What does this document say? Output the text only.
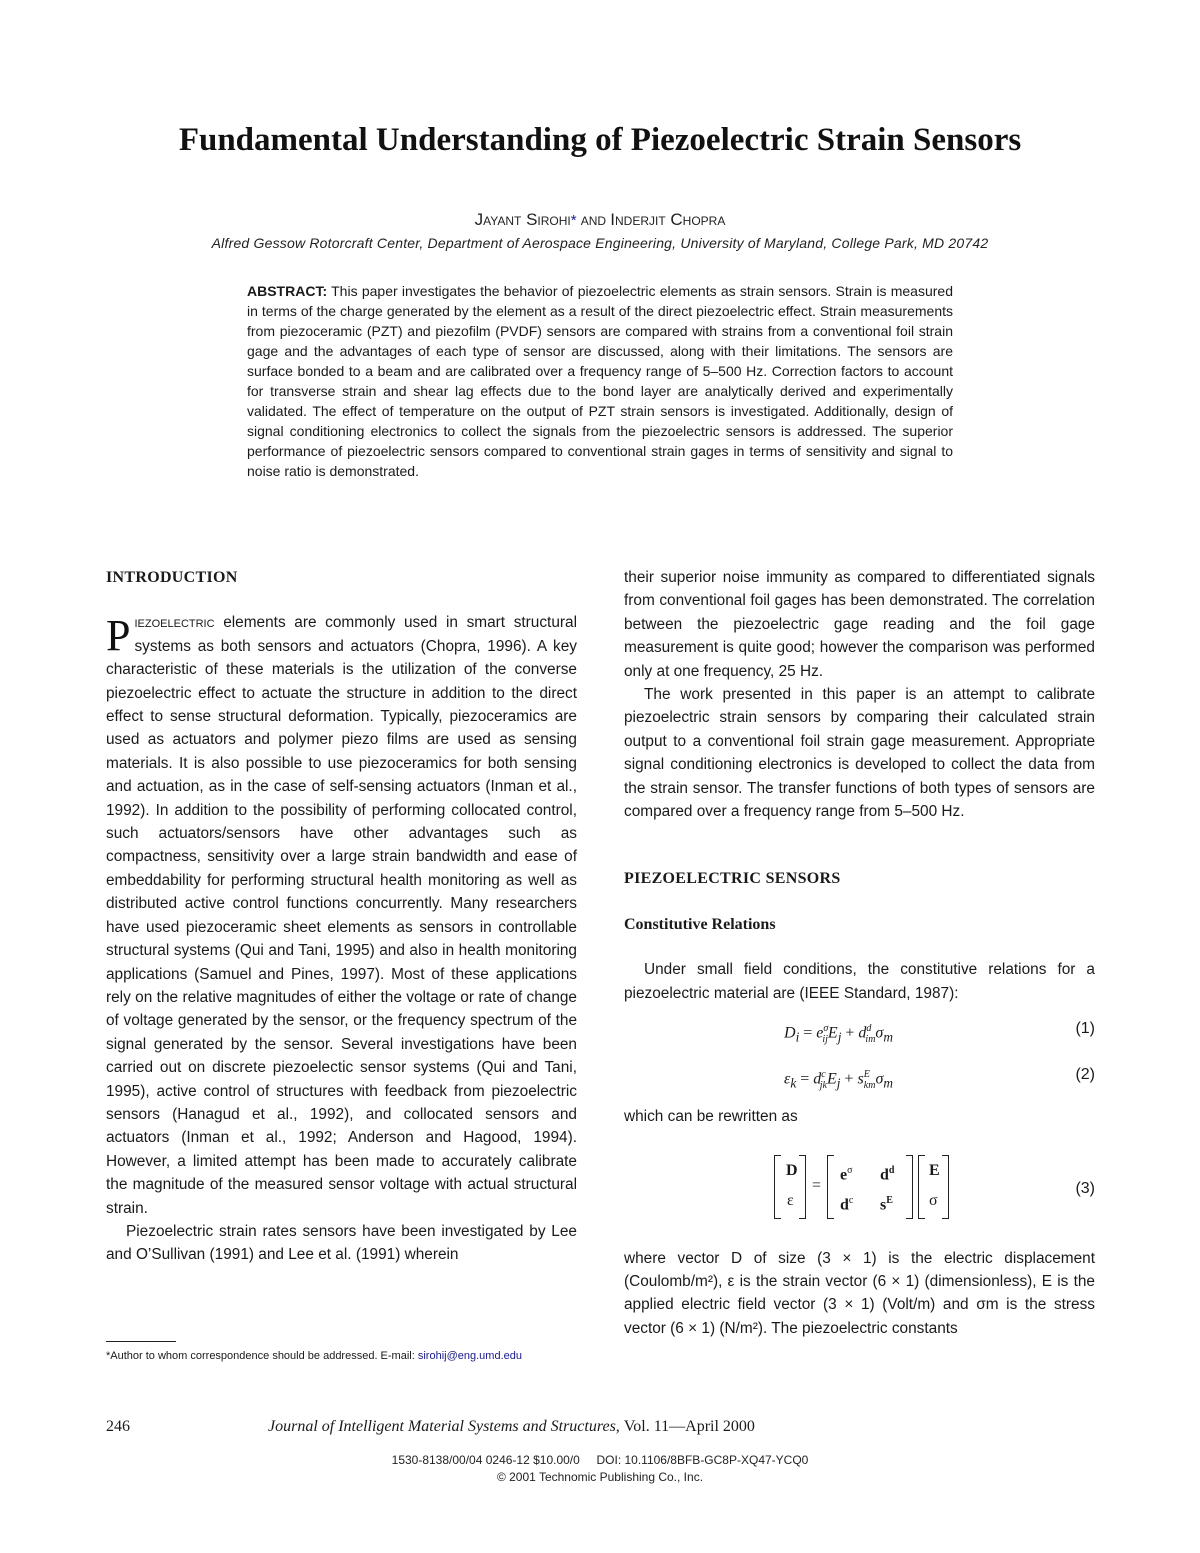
Fundamental Understanding of Piezoelectric Strain Sensors
Jayant Sirohi* and Inderjit Chopra
Alfred Gessow Rotorcraft Center, Department of Aerospace Engineering, University of Maryland, College Park, MD 20742
ABSTRACT: This paper investigates the behavior of piezoelectric elements as strain sensors. Strain is measured in terms of the charge generated by the element as a result of the direct piezoelectric effect. Strain measurements from piezoceramic (PZT) and piezofilm (PVDF) sensors are compared with strains from a conventional foil strain gage and the advantages of each type of sensor are discussed, along with their limitations. The sensors are surface bonded to a beam and are calibrated over a frequency range of 5–500 Hz. Correction factors to account for transverse strain and shear lag effects due to the bond layer are analytically derived and experimentally validated. The effect of temperature on the output of PZT strain sensors is investigated. Additionally, design of signal conditioning electronics to collect the signals from the piezoelectric sensors is addressed. The superior performance of piezoelectric sensors compared to conventional strain gages in terms of sensitivity and signal to noise ratio is demonstrated.
INTRODUCTION

Piezoelectric elements are commonly used in smart structural systems as both sensors and actuators (Chopra, 1996). A key characteristic of these materials is the utilization of the converse piezoelectric effect to actuate the structure in addition to the direct effect to sense structural deformation. Typically, piezoceramics are used as actuators and polymer piezo films are used as sensing materials. It is also possible to use piezoceramics for both sensing and actuation, as in the case of self-sensing actuators (Inman et al., 1992). In addition to the possibility of performing collocated control, such actuators/sensors have other advantages such as compactness, sensitivity over a large strain bandwidth and ease of embeddability for performing structural health monitoring as well as distributed active control functions concurrently. Many researchers have used piezoceramic sheet elements as sensors in controllable structural systems (Qui and Tani, 1995) and also in health monitoring applications (Samuel and Pines, 1997). Most of these applications rely on the relative magnitudes of either the voltage or rate of change of voltage generated by the sensor, or the frequency spectrum of the signal generated by the sensor. Several investigations have been carried out on discrete piezoelectic sensor systems (Qui and Tani, 1995), active control of structures with feedback from piezoelectric sensors (Hanagud et al., 1992), and collocated sensors and actuators (Inman et al., 1992; Anderson and Hagood, 1994). However, a limited attempt has been made to accurately calibrate the magnitude of the measured sensor voltage with actual structural strain.

Piezoelectric strain rates sensors have been investigated by Lee and O’Sullivan (1991) and Lee et al. (1991) wherein

their superior noise immunity as compared to differentiated signals from conventional foil gages has been demonstrated. The correlation between the piezoelectric gage reading and the foil gage measurement is quite good; however the comparison was performed only at one frequency, 25 Hz.

The work presented in this paper is an attempt to calibrate piezoelectric strain sensors by comparing their calculated strain output to a conventional foil strain gage measurement. Appropriate signal conditioning electronics is developed to collect the data from the strain sensor. The transfer functions of both types of sensors are compared over a frequency range from 5–500 Hz.

PIEZOELECTRIC SENSORS
Constitutive Relations

Under small field conditions, the constitutive relations for a piezoelectric material are (IEEE Standard, 1987):

$D_i = e^\sigma_{ij}E_j + d^d_{im}\sigma_m$
(1)
$\varepsilon_k = d^c_{jk}E_j + s^E_{km}\sigma_m$
(2)

which can be rewritten as

D
ε
=
$e^\sigma$ $d^d$
$d^c$ $s^E$
E
σ
(3)

where vector D of size (3 × 1) is the electric displacement (Coulomb/m²), ε is the strain vector (6 × 1) (dimensionless), E is the applied electric field vector (3 × 1) (Volt/m) and σm is the stress vector (6 × 1) (N/m²). The piezoelectric constants

*Author to whom correspondence should be addressed. E-mail: sirohij@eng.umd.edu
246	Journal of Intelligent Material Systems and Structures, Vol. 11—April 2000
1530-8138/00/04 0246-12 $10.00/0     DOI: 10.1106/8BFB-GC8P-XQ47-YCQ0
© 2001 Technomic Publishing Co., Inc.
